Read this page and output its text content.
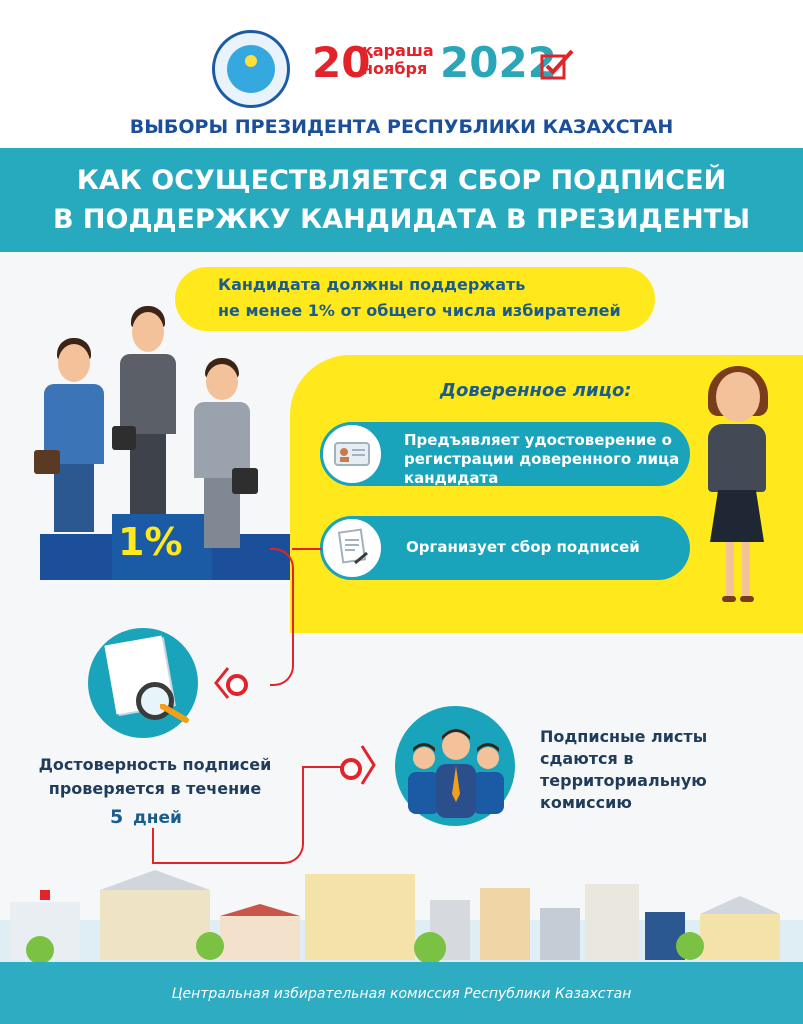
20
қараша
ноября 2022
ВЫБОРЫ ПРЕЗИДЕНТА РЕСПУБЛИКИ КАЗАХСТАН
КАК ОСУЩЕСТВЛЯЕТСЯ СБОР ПОДПИСЕЙ
В ПОДДЕРЖКУ КАНДИДАТА В ПРЕЗИДЕНТЫ
Кандидата должны поддержать
не менее 1% от общего числа избирателей
1%
Доверенное лицо:
Предъявляет удостоверение о регистрации доверенного лица кандидата
Организует сбор подписей
Достоверность подписей проверяется в течение
5 дней
Подписные листы сдаются в территориальную комиссию
Центральная избирательная комиссия Республики Казахстан
